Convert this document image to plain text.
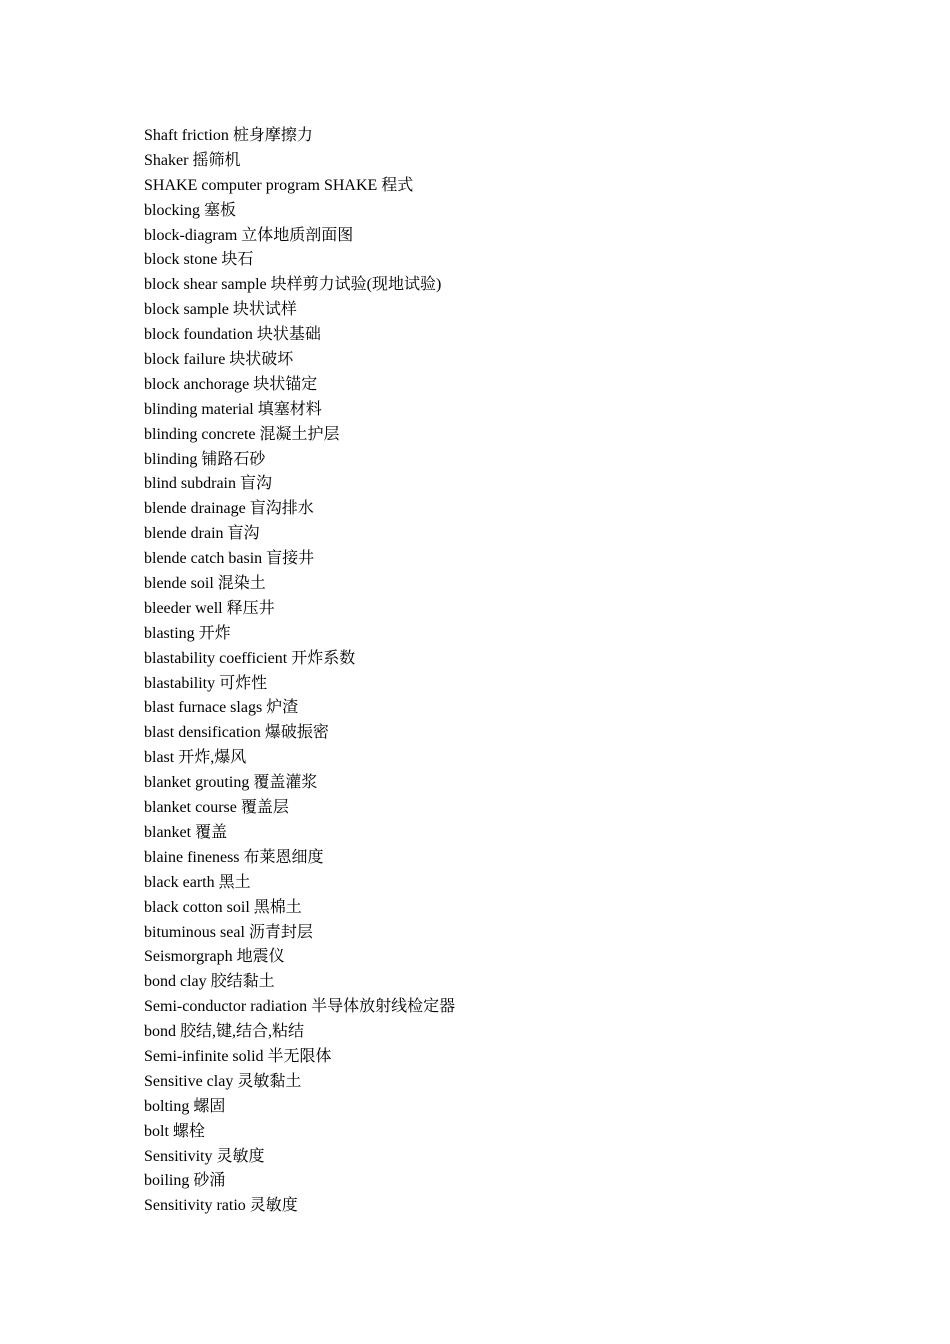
Shaft friction 桩身摩擦力
Shaker 摇筛机
SHAKE computer program SHAKE 程式
blocking 塞板
block-diagram 立体地质剖面图
block stone 块石
block shear sample 块样剪力试验(现地试验)
block sample 块状试样
block foundation 块状基础
block failure 块状破坏
block anchorage 块状锚定
blinding material 填塞材料
blinding concrete 混凝土护层
blinding 铺路石砂
blind subdrain 盲沟
blende drainage 盲沟排水
blende drain 盲沟
blende catch basin 盲接井
blende soil 混染土
bleeder well 释压井
blasting 开炸
blastability coefficient 开炸系数
blastability 可炸性
blast furnace slags 炉渣
blast densification 爆破振密
blast 开炸,爆风
blanket grouting 覆盖灌浆
blanket course 覆盖层
blanket 覆盖
blaine fineness 布莱恩细度
black earth 黑土
black cotton soil 黑棉土
bituminous seal 沥青封层
Seismorgraph 地震仪
bond clay 胶结黏土
Semi-conductor radiation 半导体放射线检定器
bond 胶结,键,结合,粘结
Semi-infinite solid 半无限体
Sensitive clay 灵敏黏土
bolting 螺固
bolt 螺栓
Sensitivity 灵敏度
boiling 砂涌
Sensitivity ratio 灵敏度
